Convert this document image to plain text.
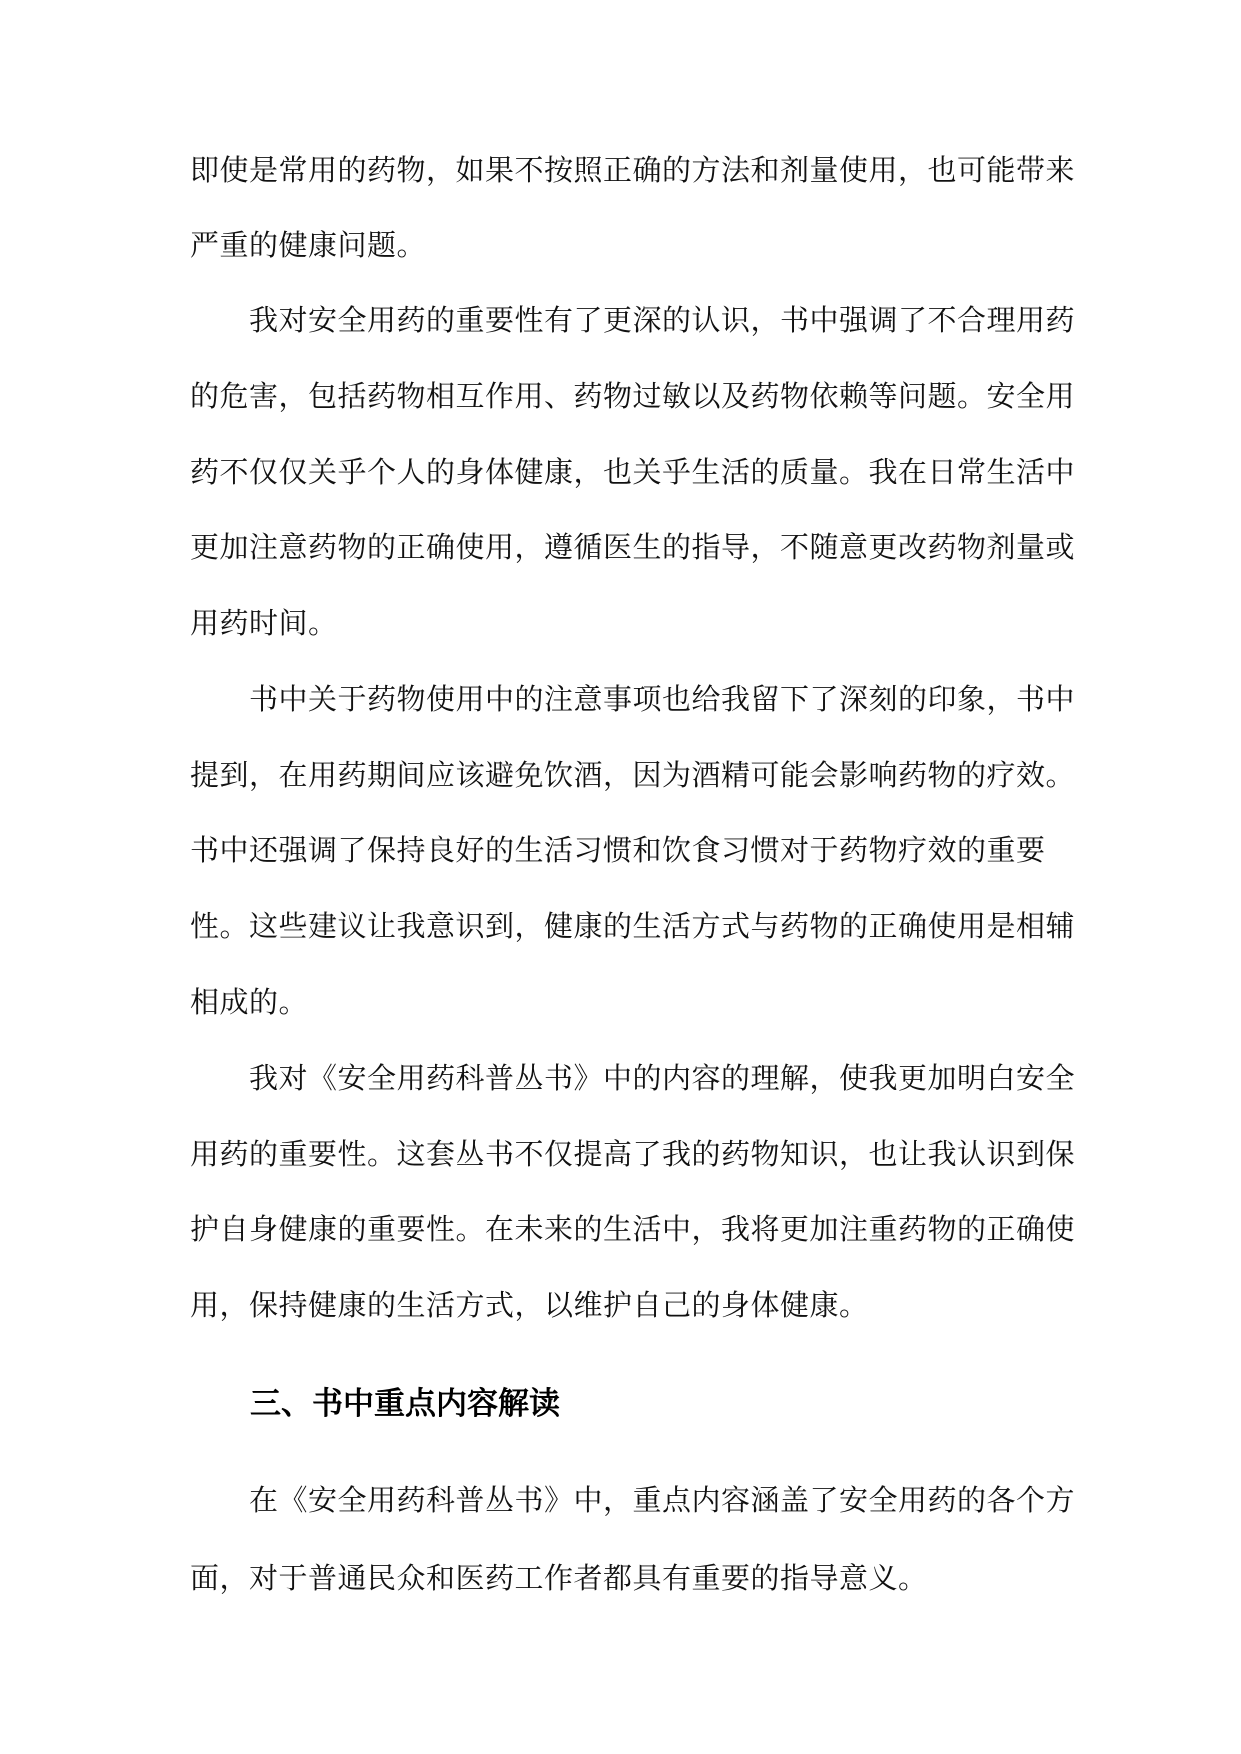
即使是常用的药物，如果不按照正确的方法和剂量使用，也可能带来
严重的健康问题。
　　我对安全用药的重要性有了更深的认识，书中强调了不合理用药
的危害，包括药物相互作用、药物过敏以及药物依赖等问题。安全用
药不仅仅关乎个人的身体健康，也关乎生活的质量。我在日常生活中
更加注意药物的正确使用，遵循医生的指导，不随意更改药物剂量或
用药时间。
　　书中关于药物使用中的注意事项也给我留下了深刻的印象，书中
提到，在用药期间应该避免饮酒，因为酒精可能会影响药物的疗效。
书中还强调了保持良好的生活习惯和饮食习惯对于药物疗效的重要
性。这些建议让我意识到，健康的生活方式与药物的正确使用是相辅
相成的。
　　我对《安全用药科普丛书》中的内容的理解，使我更加明白安全
用药的重要性。这套丛书不仅提高了我的药物知识，也让我认识到保
护自身健康的重要性。在未来的生活中，我将更加注重药物的正确使
用，保持健康的生活方式，以维护自己的身体健康。
三、书中重点内容解读
　　在《安全用药科普丛书》中，重点内容涵盖了安全用药的各个方
面，对于普通民众和医药工作者都具有重要的指导意义。
